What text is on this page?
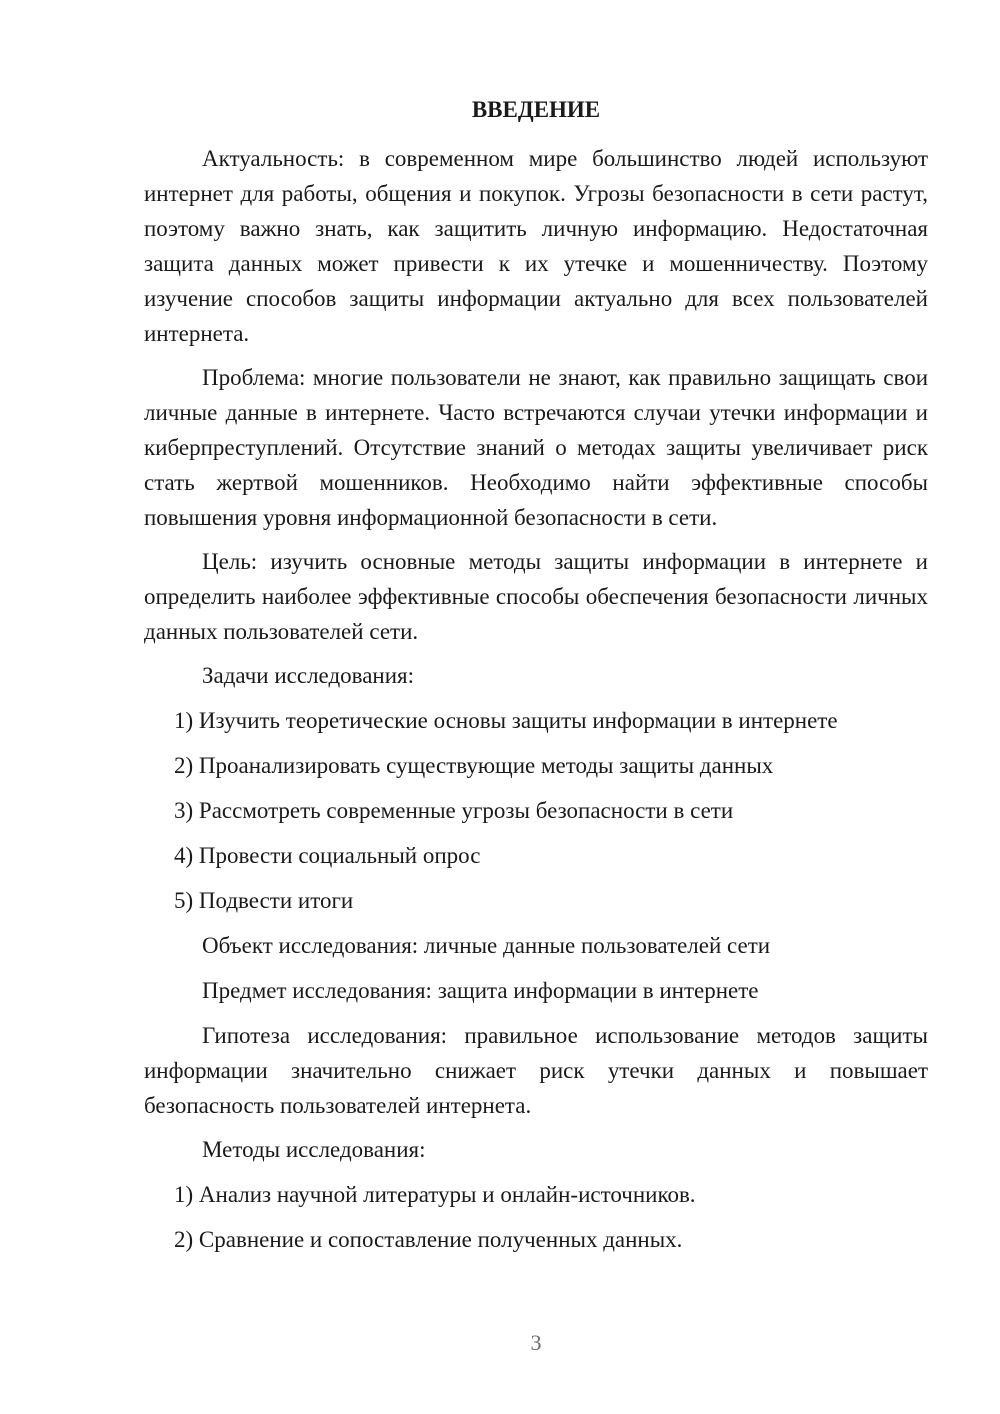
ВВЕДЕНИЕ

Актуальность: в современном мире большинство людей используют интернет для работы, общения и покупок. Угрозы безопасности в сети растут, поэтому важно знать, как защитить личную информацию. Недостаточная защита данных может привести к их утечке и мошенничеству. Поэтому изучение способов защиты информации актуально для всех пользователей интернета.

Проблема: многие пользователи не знают, как правильно защищать свои личные данные в интернете. Часто встречаются случаи утечки информации и киберпреступлений. Отсутствие знаний о методах защиты увеличивает риск стать жертвой мошенников. Необходимо найти эффективные способы повышения уровня информационной безопасности в сети.

Цель: изучить основные методы защиты информации в интернете и определить наиболее эффективные способы обеспечения безопасности личных данных пользователей сети.

Задачи исследования:

1) Изучить теоретические основы защиты информации в интернете

2) Проанализировать существующие методы защиты данных

3) Рассмотреть современные угрозы безопасности в сети

4) Провести социальный опрос

5) Подвести итоги

Объект исследования: личные данные пользователей сети

Предмет исследования: защита информации в интернете

Гипотеза исследования: правильное использование методов защиты информации значительно снижает риск утечки данных и повышает безопасность пользователей интернета.

Методы исследования:

1) Анализ научной литературы и онлайн-источников.

2) Сравнение и сопоставление полученных данных.

3
